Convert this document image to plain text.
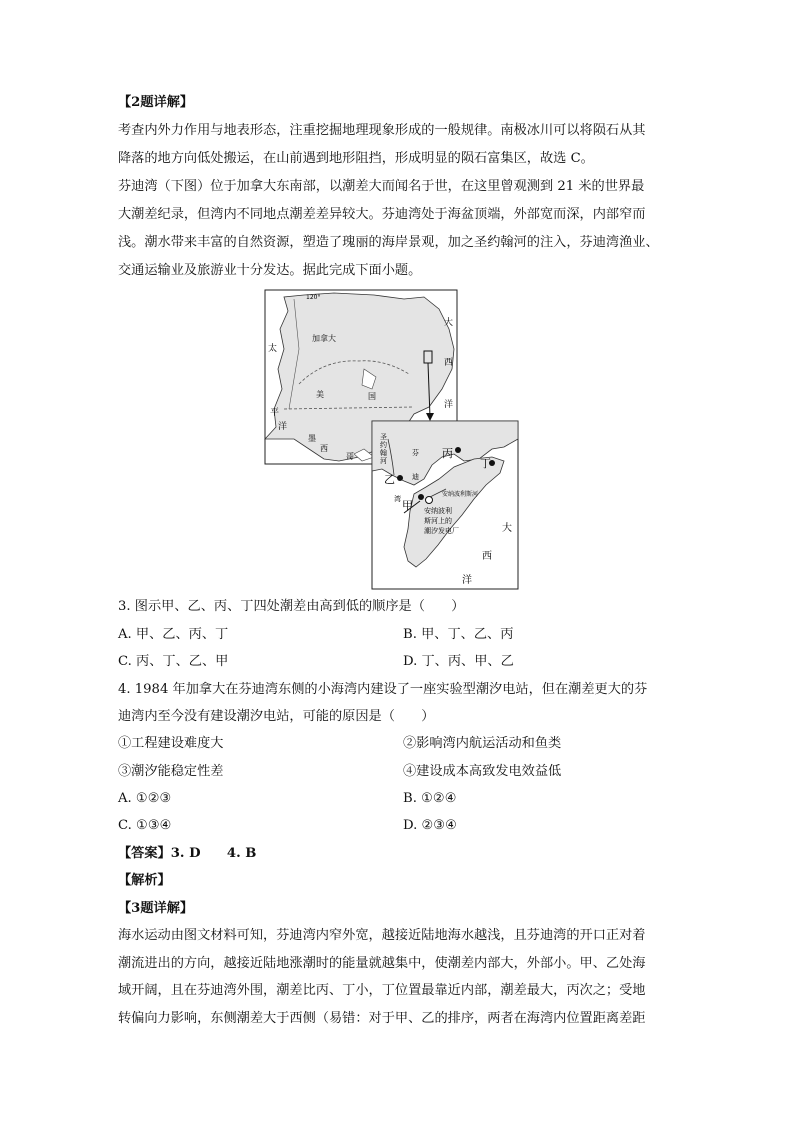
【2题详解】
考查内外力作用与地表形态，注重挖掘地理现象形成的一般规律。南极冰川可以将陨石从其
降落的地方向低处搬运，在山前遇到地形阻挡，形成明显的陨石富集区，故选 C。
芬迪湾（下图）位于加拿大东南部，以潮差大而闻名于世，在这里曾观测到 21 米的世界最
大潮差纪录，但湾内不同地点潮差差异较大。芬迪湾处于海盆顶端，外部宽而深，内部窄而
浅。潮水带来丰富的自然资源，塑造了瑰丽的海岸景观，加之圣约翰河的注入，芬迪湾渔业、
交通运输业及旅游业十分发达。据此完成下面小题。
加拿大
美	国
墨
西
哥
太
平
洋
大
西
洋
120°
圣
约
翰
河
芬
迪
湾
丙
丁
乙
甲
安纳波利斯河
安纳波利
斯河上的
潮汐发电厂	大
西
洋
3. 图示甲、乙、丙、丁四处潮差由高到低的顺序是（　　）
A. 甲、乙、丙、丁	B. 甲、丁、乙、丙
C. 丙、丁、乙、甲	D. 丁、丙、甲、乙
4. 1984 年加拿大在芬迪湾东侧的小海湾内建设了一座实验型潮汐电站，但在潮差更大的芬
迪湾内至今没有建设潮汐电站，可能的原因是（　　）
①工程建设难度大	②影响湾内航运活动和鱼类
③潮汐能稳定性差	④建设成本高致发电效益低
A. ①②③	B. ①②④
C. ①③④	D. ②③④
【答案】3. D　　4. B
【解析】
【3题详解】
海水运动由图文材料可知，芬迪湾内窄外宽，越接近陆地海水越浅，且芬迪湾的开口正对着
潮流进出的方向，越接近陆地涨潮时的能量就越集中，使潮差内部大，外部小。甲、乙处海
域开阔，且在芬迪湾外围，潮差比丙、丁小，丁位置最靠近内部，潮差最大，丙次之；受地
转偏向力影响，东侧潮差大于西侧（易错：对于甲、乙的排序，两者在海湾内位置距离差距
